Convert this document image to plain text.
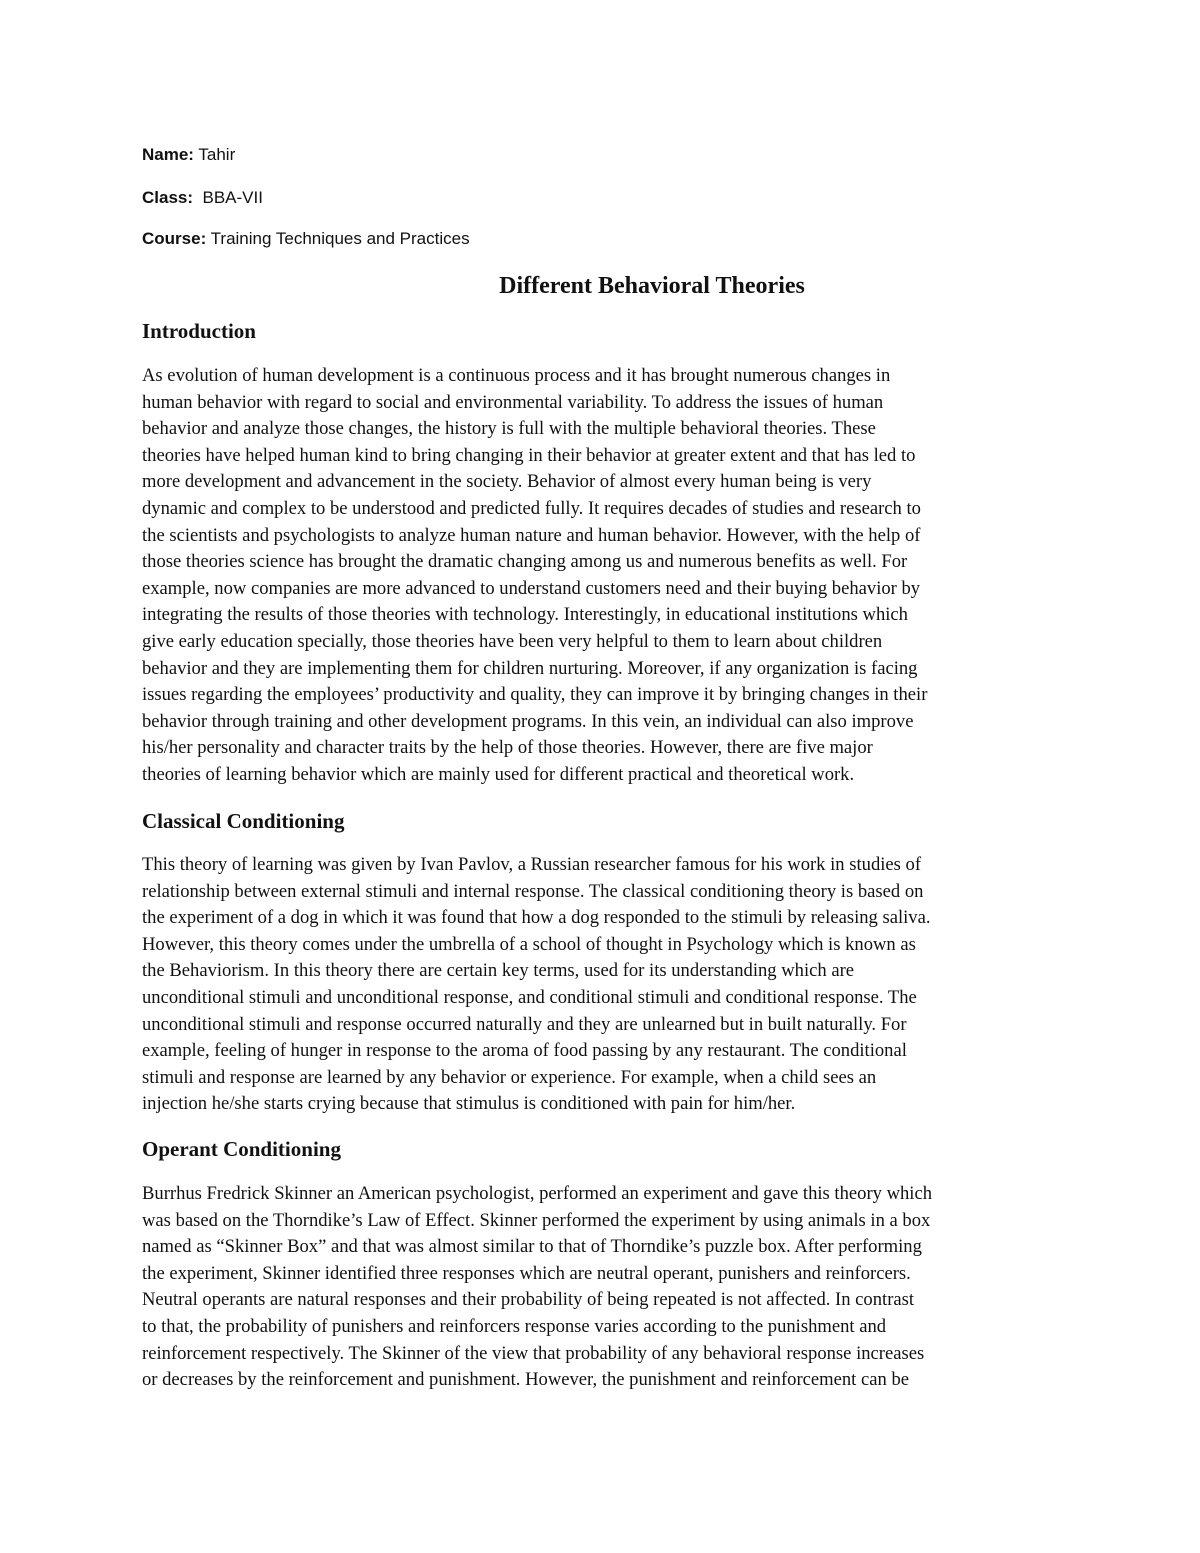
Name: Tahir
Class: BBA-VII
Course: Training Techniques and Practices
Different Behavioral Theories
Introduction
As evolution of human development is a continuous process and it has brought numerous changes in
human behavior with regard to social and environmental variability. To address the issues of human
behavior and analyze those changes, the history is full with the multiple behavioral theories. These
theories have helped human kind to bring changing in their behavior at greater extent and that has led to
more development and advancement in the society. Behavior of almost every human being is very
dynamic and complex to be understood and predicted fully. It requires decades of studies and research to
the scientists and psychologists to analyze human nature and human behavior. However, with the help of
those theories science has brought the dramatic changing among us and numerous benefits as well. For
example, now companies are more advanced to understand customers need and their buying behavior by
integrating the results of those theories with technology. Interestingly, in educational institutions which
give early education specially, those theories have been very helpful to them to learn about children
behavior and they are implementing them for children nurturing. Moreover, if any organization is facing
issues regarding the employees’ productivity and quality, they can improve it by bringing changes in their
behavior through training and other development programs. In this vein, an individual can also improve
his/her personality and character traits by the help of those theories. However, there are five major
theories of learning behavior which are mainly used for different practical and theoretical work.
Classical Conditioning
This theory of learning was given by Ivan Pavlov, a Russian researcher famous for his work in studies of
relationship between external stimuli and internal response. The classical conditioning theory is based on
the experiment of a dog in which it was found that how a dog responded to the stimuli by releasing saliva.
However, this theory comes under the umbrella of a school of thought in Psychology which is known as
the Behaviorism. In this theory there are certain key terms, used for its understanding which are
unconditional stimuli and unconditional response, and conditional stimuli and conditional response. The
unconditional stimuli and response occurred naturally and they are unlearned but in built naturally. For
example, feeling of hunger in response to the aroma of food passing by any restaurant. The conditional
stimuli and response are learned by any behavior or experience. For example, when a child sees an
injection he/she starts crying because that stimulus is conditioned with pain for him/her.
Operant Conditioning
Burrhus Fredrick Skinner an American psychologist, performed an experiment and gave this theory which
was based on the Thorndike’s Law of Effect. Skinner performed the experiment by using animals in a box
named as “Skinner Box” and that was almost similar to that of Thorndike’s puzzle box. After performing
the experiment, Skinner identified three responses which are neutral operant, punishers and reinforcers.
Neutral operants are natural responses and their probability of being repeated is not affected. In contrast
to that, the probability of punishers and reinforcers response varies according to the punishment and
reinforcement respectively. The Skinner of the view that probability of any behavioral response increases
or decreases by the reinforcement and punishment. However, the punishment and reinforcement can be
